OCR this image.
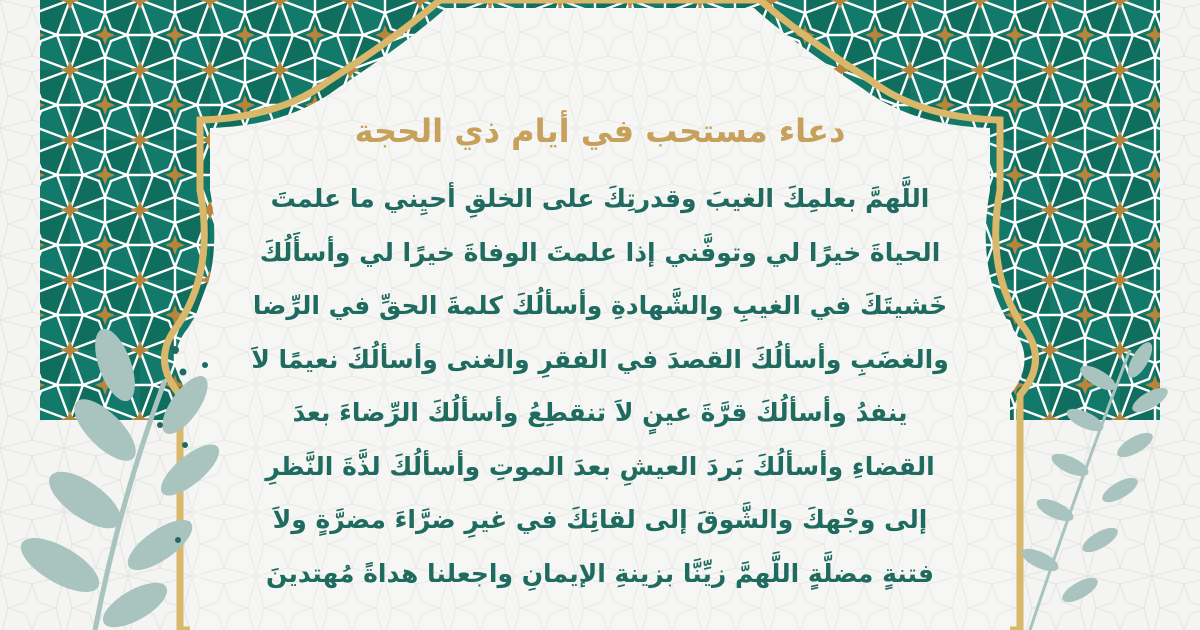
دعاء مستحب في أيام ذي الحجة
اللَّهمَّ بعلمِكَ الغيبَ وقدرتِكَ على الخلقِ أحيِني ما علمتَ
الحياةَ خيرًا لي وتوفَّني إذا علمتَ الوفاةَ خيرًا لي وأسأَلُكَ
خَشيتَكَ في الغيبِ والشَّهادةِ وأسألُكَ كلمةَ الحقِّ في الرِّضا
والغضَبِ وأسألُكَ القصدَ في الفقرِ والغنى وأسألُكَ نعيمًا لاَ
ينفدُ وأسألُكَ قرَّةَ عينٍ لاَ تنقطِعُ وأسألُكَ الرِّضاءَ بعدَ
القضاءِ وأسألُكَ بَردَ العيشِ بعدَ الموتِ وأسألُكَ لذَّةَ النَّظرِ
إلى وجْهكَ والشَّوقَ إلى لقائِكَ في غيرِ ضرَّاءَ مضرَّةٍ ولاَ
فتنةٍ مضلَّةٍ اللَّهمَّ زيِّنَّا بزينةِ الإيمانِ واجعلنا هداةً مُهتدينَ
